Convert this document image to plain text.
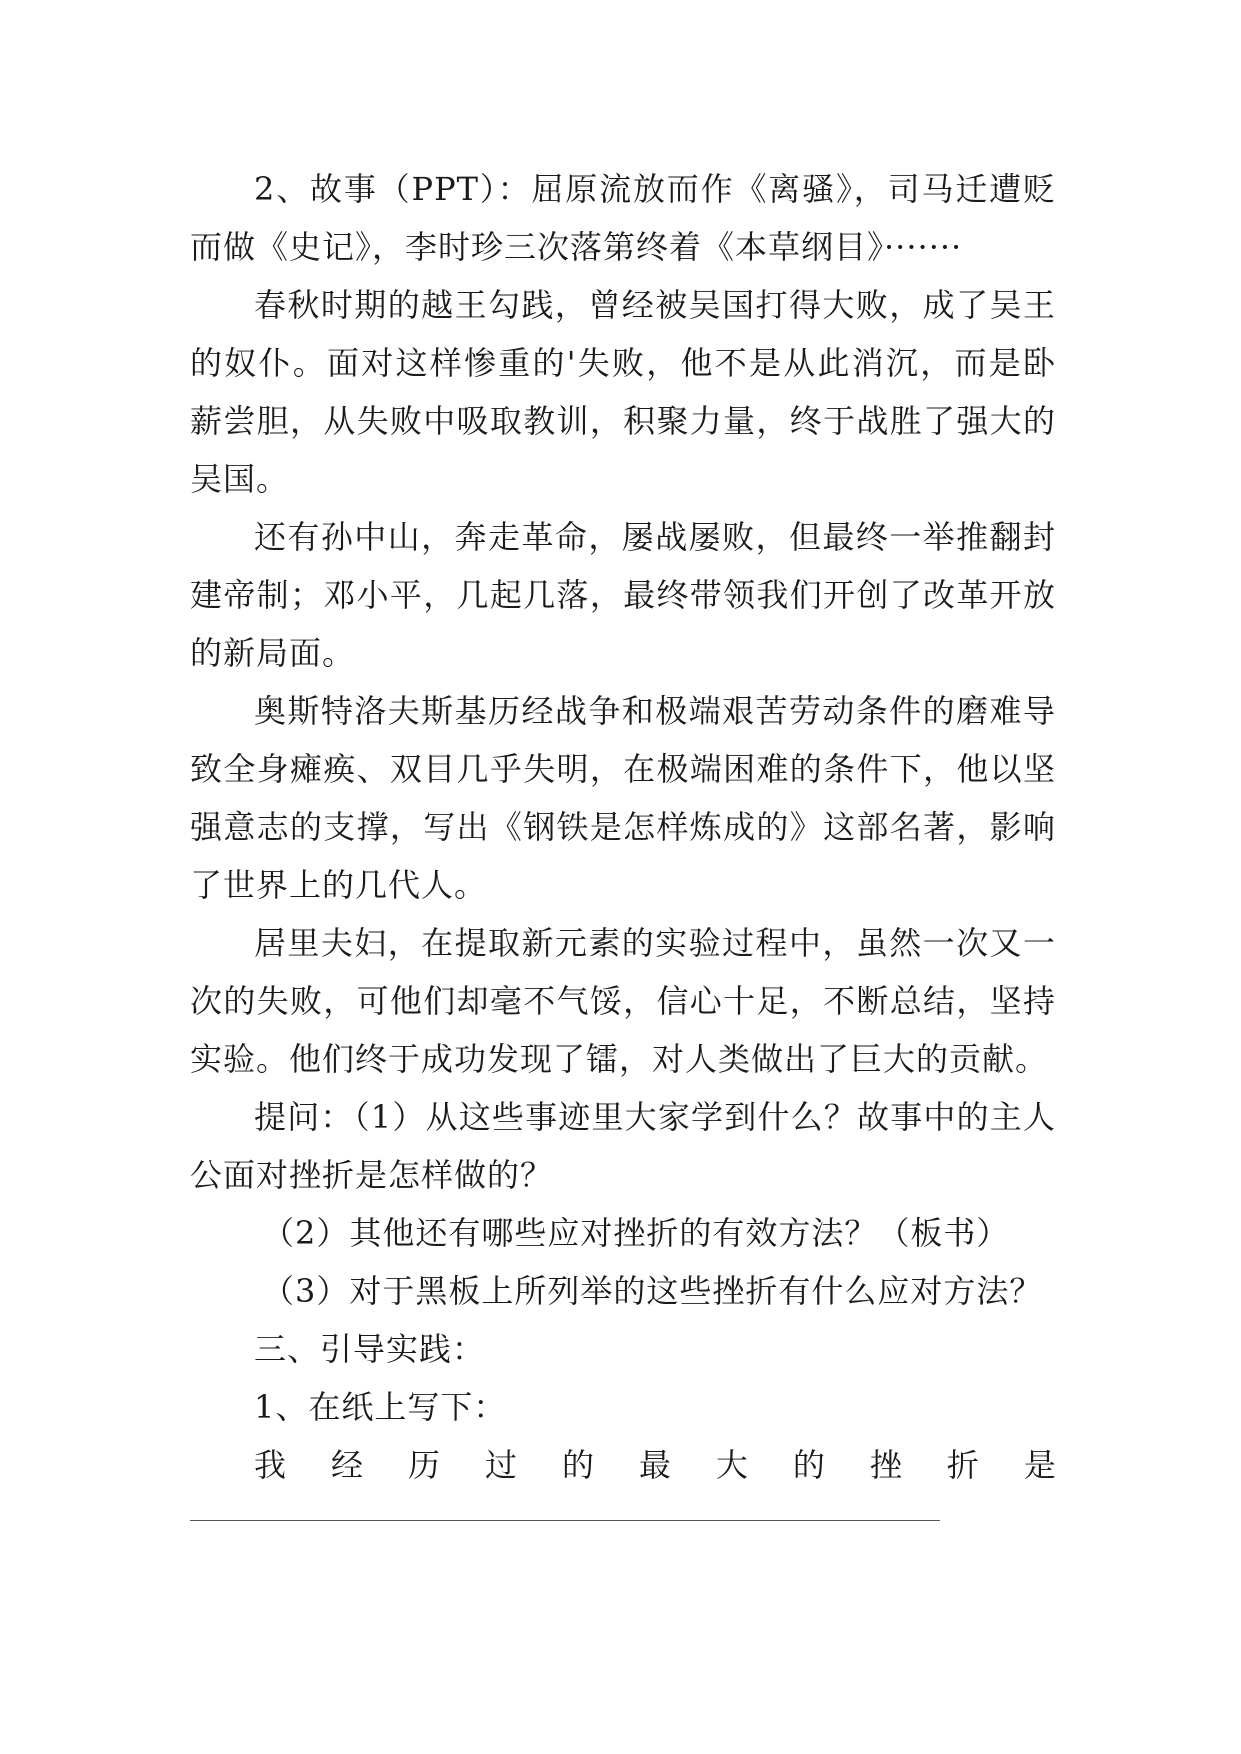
2、故事（PPT）：屈原流放而作《离骚》，司马迁遭贬而做《史记》，李时珍三次落第终着《本草纲目》·······

春秋时期的越王勾践，曾经被吴国打得大败，成了吴王的奴仆。面对这样惨重的'失败，他不是从此消沉，而是卧薪尝胆，从失败中吸取教训，积聚力量，终于战胜了强大的吴国。

还有孙中山，奔走革命，屡战屡败，但最终一举推翻封建帝制；邓小平，几起几落，最终带领我们开创了改革开放的新局面。

奥斯特洛夫斯基历经战争和极端艰苦劳动条件的磨难导致全身瘫痪、双目几乎失明，在极端困难的条件下，他以坚强意志的支撑，写出《钢铁是怎样炼成的》这部名著，影响了世界上的几代人。

居里夫妇，在提取新元素的实验过程中，虽然一次又一次的失败，可他们却毫不气馁，信心十足，不断总结，坚持实验。他们终于成功发现了镭，对人类做出了巨大的贡献。

提问：（1）从这些事迹里大家学到什么？故事中的主人公面对挫折是怎样做的？

（2）其他还有哪些应对挫折的有效方法？（板书）

（3）对于黑板上所列举的这些挫折有什么应对方法？

三、引导实践：

1、在纸上写下：

我 经 历 过 的 最 大 的 挫 折 是
